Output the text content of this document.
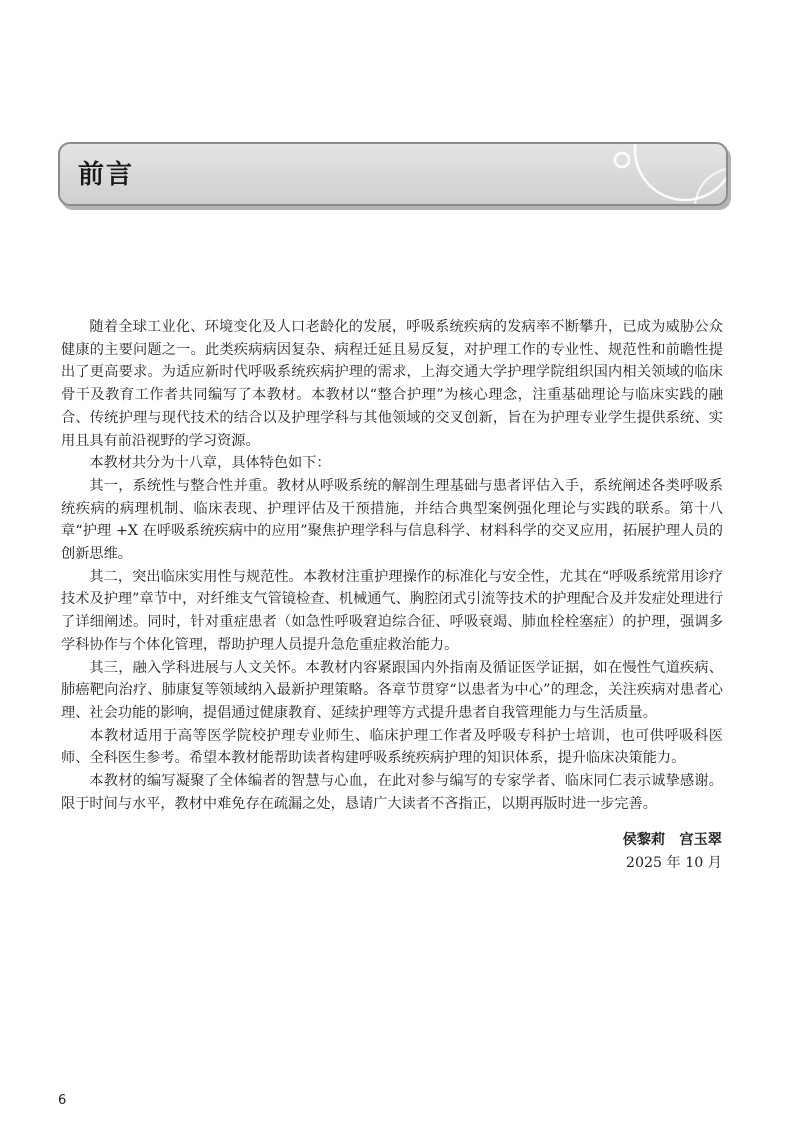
前言

随着全球工业化、环境变化及人口老龄化的发展，呼吸系统疾病的发病率不断攀升，已成为威胁公众健康的主要问题之一。此类疾病病因复杂、病程迁延且易反复，对护理工作的专业性、规范性和前瞻性提出了更高要求。为适应新时代呼吸系统疾病护理的需求，上海交通大学护理学院组织国内相关领域的临床骨干及教育工作者共同编写了本教材。本教材以“整合护理”为核心理念，注重基础理论与临床实践的融合、传统护理与现代技术的结合以及护理学科与其他领域的交叉创新，旨在为护理专业学生提供系统、实用且具有前沿视野的学习资源。

本教材共分为十八章，具体特色如下：

其一，系统性与整合性并重。教材从呼吸系统的解剖生理基础与患者评估入手，系统阐述各类呼吸系统疾病的病理机制、临床表现、护理评估及干预措施，并结合典型案例强化理论与实践的联系。第十八章“护理 +X 在呼吸系统疾病中的应用”聚焦护理学科与信息科学、材料科学的交叉应用，拓展护理人员的创新思维。

其二，突出临床实用性与规范性。本教材注重护理操作的标准化与安全性，尤其在“呼吸系统常用诊疗技术及护理”章节中，对纤维支气管镜检查、机械通气、胸腔闭式引流等技术的护理配合及并发症处理进行了详细阐述。同时，针对重症患者（如急性呼吸窘迫综合征、呼吸衰竭、肺血栓栓塞症）的护理，强调多学科协作与个体化管理，帮助护理人员提升急危重症救治能力。

其三，融入学科进展与人文关怀。本教材内容紧跟国内外指南及循证医学证据，如在慢性气道疾病、肺癌靶向治疗、肺康复等领域纳入最新护理策略。各章节贯穿“以患者为中心”的理念，关注疾病对患者心理、社会功能的影响，提倡通过健康教育、延续护理等方式提升患者自我管理能力与生活质量。

本教材适用于高等医学院校护理专业师生、临床护理工作者及呼吸专科护士培训，也可供呼吸科医师、全科医生参考。希望本教材能帮助读者构建呼吸系统疾病护理的知识体系，提升临床决策能力。

本教材的编写凝聚了全体编者的智慧与心血，在此对参与编写的专家学者、临床同仁表示诚挚感谢。限于时间与水平，教材中难免存在疏漏之处，恳请广大读者不吝指正，以期再版时进一步完善。

侯黎莉　宫玉翠
2025 年 10 月
6
